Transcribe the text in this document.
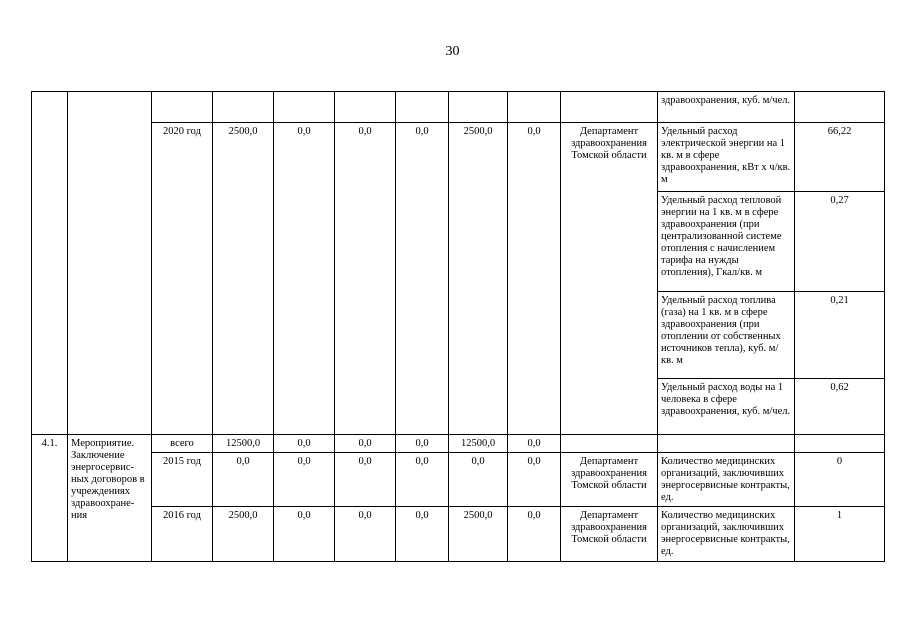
30
										здравоохранения, куб. м/чел.	
		2020 год	2500,0	0,0	0,0	0,0	2500,0	0,0	Департамент здравоохранения Томской области	Удельный расход электрической энергии на 1 кв. м в сфере здравоохранения, кВт х ч/кв. м	66,22
										Удельный расход тепловой энергии на 1 кв. м в сфере здравоохранения (при централизованной системе отопления с начислением тарифа на нужды отопления), Гкал/кв. м	0,27
										Удельный расход топлива (газа) на 1 кв. м в сфере здравоохранения (при отоплении от собственных источников тепла), куб. м/кв. м	0,21
										Удельный расход воды на 1 человека в сфере здравоохранения, куб. м/чел.	0,62
4.1.	Мероприятие. Заключение энергосервис-ных договоров в учреждениях здравоохране-ния	всего	12500,0	0,0	0,0	0,0	12500,0	0,0			
		2015 год	0,0	0,0	0,0	0,0	0,0	0,0	Департамент здравоохранения Томской области	Количество медицинских организаций, заключивших энергосервисные контракты, ед.	0
		2016 год	2500,0	0,0	0,0	0,0	2500,0	0,0	Департамент здравоохранения Томской области	Количество медицинских организаций, заключивших энергосервисные контракты, ед.	1
